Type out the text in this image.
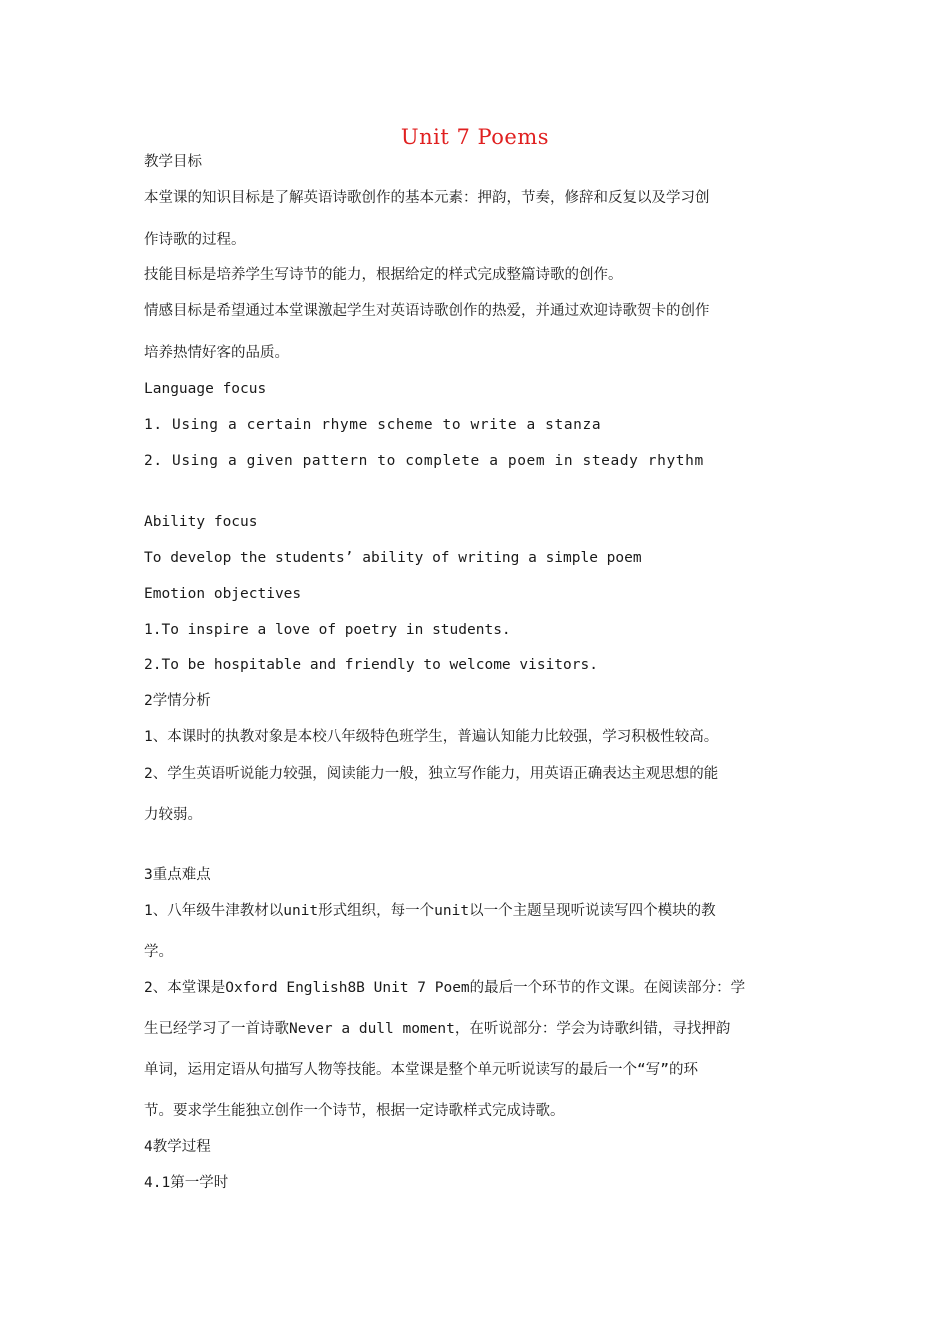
Unit 7 Poems
教学目标
本堂课的知识目标是了解英语诗歌创作的基本元素：押韵，节奏，修辞和反复以及学习创
作诗歌的过程。
技能目标是培养学生写诗节的能力，根据给定的样式完成整篇诗歌的创作。
情感目标是希望通过本堂课激起学生对英语诗歌创作的热爱，并通过欢迎诗歌贺卡的创作
培养热情好客的品质。
Language focus
1. Using a certain rhyme scheme to write a stanza
2. Using a given pattern to complete a poem in steady rhythm
Ability focus
To develop the students’ ability of writing a simple poem
Emotion objectives
1.To inspire a love of poetry in students.
2.To be hospitable and friendly to welcome visitors.
2学情分析
1、本课时的执教对象是本校八年级特色班学生，普遍认知能力比较强，学习积极性较高。
2、学生英语听说能力较强，阅读能力一般，独立写作能力，用英语正确表达主观思想的能
力较弱。
3重点难点
1、八年级牛津教材以unit形式组织，每一个unit以一个主题呈现听说读写四个模块的教
学。
2、本堂课是Oxford English8B Unit 7 Poem的最后一个环节的作文课。在阅读部分：学
生已经学习了一首诗歌Never a dull moment，在听说部分：学会为诗歌纠错，寻找押韵
单词，运用定语从句描写人物等技能。本堂课是整个单元听说读写的最后一个“写”的环
节。要求学生能独立创作一个诗节，根据一定诗歌样式完成诗歌。
4教学过程
4.1第一学时
